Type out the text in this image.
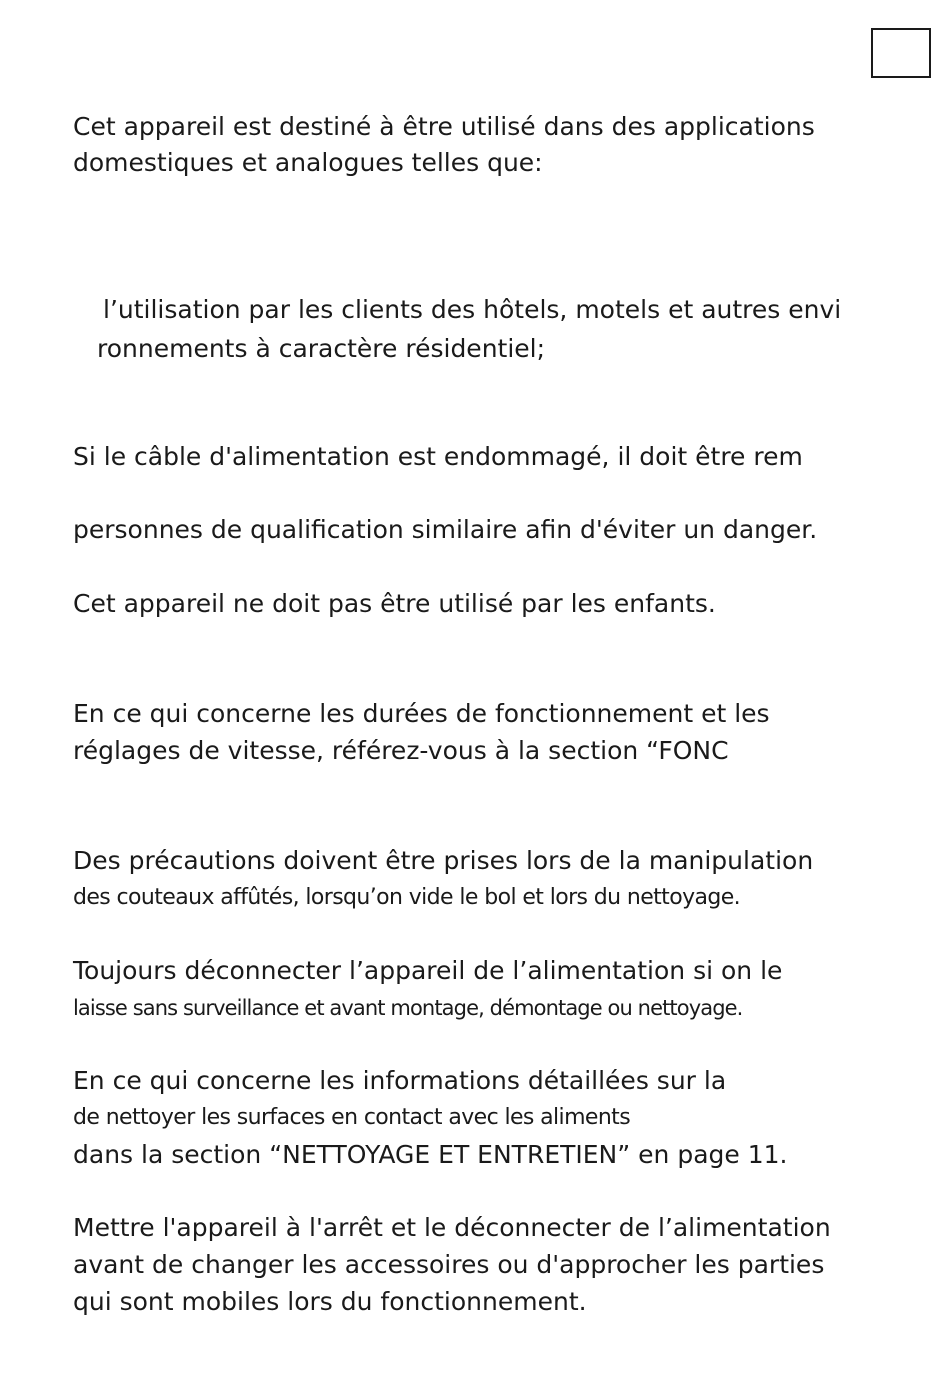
Cet appareil est destiné à être utilisé dans des applications
domestiques et analogues telles que:
l’utilisation par les clients des hôtels, motels et autres envi
ronnements à caractère résidentiel;
Si le câble d'alimentation est endommagé, il doit être rem
personnes de qualification similaire afin d'éviter un danger.
Cet appareil ne doit pas être utilisé par les enfants.
En ce qui concerne les durées de fonctionnement et les
réglages de vitesse, référez-vous à la section “FONC
Des précautions doivent être prises lors de la manipulation
des couteaux affûtés, lorsqu’on vide le bol et lors du nettoyage.
Toujours déconnecter l’appareil de l’alimentation si on le
laisse sans surveillance et avant montage, démontage ou nettoyage.
En ce qui concerne les informations détaillées sur la
de nettoyer les surfaces en contact avec les aliments
dans la section “NETTOYAGE ET ENTRETIEN” en page 11.
Mettre l'appareil à l'arrêt et le déconnecter de l’alimentation
avant de changer les accessoires ou d'approcher les parties
qui sont mobiles lors du fonctionnement.
